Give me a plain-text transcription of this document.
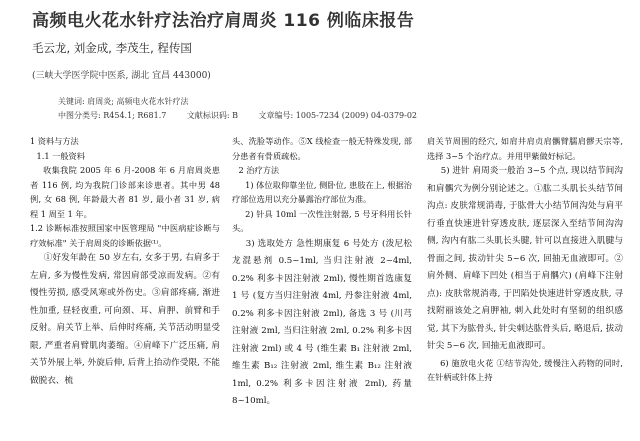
高频电火花水针疗法治疗肩周炎 116 例临床报告
毛云龙, 刘金成, 李茂生, 程传国
(三峡大学医学院中医系, 湖北 宜昌 443000)
关键词: 肩周炎; 高频电火花水针疗法
中图分类号: R454.1; R681.7	文献标识码: B	文章编号: 1005-7234 (2009) 04-0379-02

1 资料与方法

1.1 一般资料

收集我院 2005 年 6 月-2008 年 6 月肩周炎患者 116 例, 均为我院门诊部来诊患者。其中男 48 例, 女 68 例, 年龄最大者 81 岁, 最小者 31 岁, 病程 1 周至 1 年。

1.2 诊断标准按照国家中医管理局 "中医病症诊断与疗效标准" 关于肩周炎的诊断依据⁽¹⁾。

①好发年龄在 50 岁左右, 女多于男, 右肩多于左肩, 多为慢性发病, 常因肩部受凉而发病。②有慢性劳损, 感受风寒或外伤史。③肩部疼痛, 渐进性加重, 昼轻夜重, 可向颈、耳、肩胛、前臂和手反射。肩关节上举、后伸时疼痛, 关节活动明显受限, 严重者肩臂肌肉萎缩。④肩峰下广泛压痛, 肩关节外展上举, 外旋后伸, 后背上抬动作受限, 不能做脱衣、梳

头、洗脸等动作。⑤X 线检查一般无特殊发现, 部分患者有骨质疏松。

2 治疗方法

1) 体位取仰靠坐位, 侧卧位, 患肢在上, 根据治疗部位选用以充分暴露治疗部位为准。

2) 针具 10ml 一次性注射器, 5 号牙科用长针头。

3) 选取处方 急性期康复 6 号处方 (泼尼松龙混悬剂 0.5~1ml, 当归注射液 2~4ml, 0.2% 利多卡因注射液 2ml), 慢性期首选康复 1 号 (复方当归注射液 4ml, 丹参注射液 4ml, 0.2% 利多卡因注射液 2ml), 备选 3 号 (川芎注射液 2ml, 当归注射液 2ml, 0.2% 利多卡因注射液 2ml) 或 4 号 (维生素 B₁ 注射液 2ml, 维生素 B₁₂ 注射液 2ml, 维生素 B₁₂ 注射液 1ml, 0.2% 利多卡因注射液 2ml), 药量 8~10ml。

肩关节周围的经穴, 如肩井肩贞肩髃臂臑肩髎天宗等, 选择 3~5 个治疗点。并用甲紫做好标记。

5) 进针 肩周炎一般治 3~5 个点, 现以结节间沟和肩髃穴为例分别论述之。①肱二头肌长头结节间沟点: 皮肤常规消毒, 于肱骨大小结节间沟处与肩平行垂直快速进针穿透皮肤, 逐层深入至结节间沟沟侧, 沟内有肱二头肌长头腱, 针可以直接进入肌腱与骨面之间, 拔动针尖 5~6 次, 回抽无血液即可。②肩外侧、肩峰下凹处 (相当于肩髃穴) (肩峰下注射点): 皮肤常规消毒, 于凹陷处快速进针穿透皮肤, 寻找附丽该处之肩胛袖, 刺入此处时有坚韧的组织感觉, 其下为肱骨头, 针尖刺达肱骨头后, 略退后, 拔动针尖 5~6 次, 回抽无血液即可。

6) 施放电火花 ①结节沟处, 缓慢注入药物的同时, 在针柄或针体上持
